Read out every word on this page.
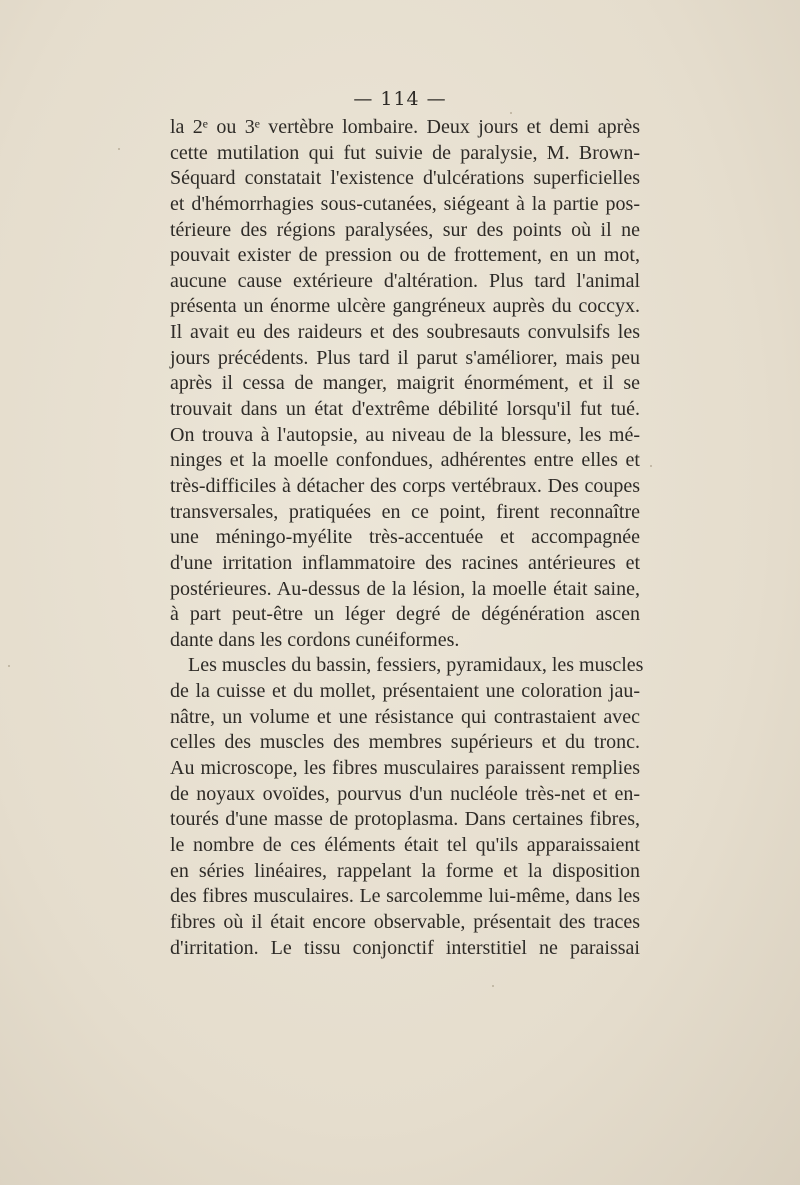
— 114 —
la 2ᵉ ou 3ᵉ vertèbre lombaire. Deux jours et demi après
cette mutilation qui fut suivie de paralysie, M. Brown-
Séquard constatait l'existence d'ulcérations superficielles
et d'hémorrhagies sous-cutanées, siégeant à la partie pos-
térieure des régions paralysées, sur des points où il ne
pouvait exister de pression ou de frottement, en un mot,
aucune cause extérieure d'altération. Plus tard l'animal
présenta un énorme ulcère gangréneux auprès du coccyx.
Il avait eu des raideurs et des soubresauts convulsifs les
jours précédents. Plus tard il parut s'améliorer, mais peu
après il cessa de manger, maigrit énormément, et il se
trouvait dans un état d'extrême débilité lorsqu'il fut tué.
On trouva à l'autopsie, au niveau de la blessure, les mé-
ninges et la moelle confondues, adhérentes entre elles et
très-difficiles à détacher des corps vertébraux. Des coupes
transversales, pratiquées en ce point, firent reconnaître
une méningo-myélite très-accentuée et accompagnée
d'une irritation inflammatoire des racines antérieures et
postérieures. Au-dessus de la lésion, la moelle était saine,
à part peut-être un léger degré de dégénération ascen
dante dans les cordons cunéiformes.
Les muscles du bassin, fessiers, pyramidaux, les muscles
de la cuisse et du mollet, présentaient une coloration jau-
nâtre, un volume et une résistance qui contrastaient avec
celles des muscles des membres supérieurs et du tronc.
Au microscope, les fibres musculaires paraissent remplies
de noyaux ovoïdes, pourvus d'un nucléole très-net et en-
tourés d'une masse de protoplasma. Dans certaines fibres,
le nombre de ces éléments était tel qu'ils apparaissaient
en séries linéaires, rappelant la forme et la disposition
des fibres musculaires. Le sarcolemme lui-même, dans les
fibres où il était encore observable, présentait des traces
d'irritation. Le tissu conjonctif interstitiel ne paraissai
